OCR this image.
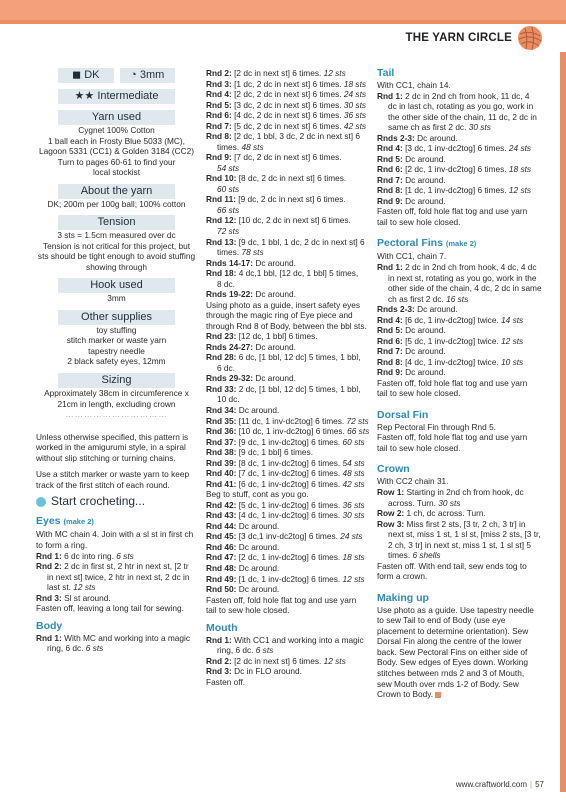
THE YARN CIRCLE
◼ DK	◔ 3mm
★★ Intermediate
Yarn used
Cygnet 100% Cotton
1 ball each in Frosty Blue 5033 (MC),
Lagoon 5331 (CC1) & Golden 3184 (CC2)
Turn to pages 60-61 to find your
local stockist
About the yarn
DK; 200m per 100g ball; 100% cotton
Tension
3 sts = 1.5cm measured over dc
Tension is not critical for this project, but
sts should be tight enough to avoid stuffing
showing through
Hook used
3mm
Other supplies
toy stuffing
stitch marker or waste yarn
tapestry needle
2 black safety eyes, 12mm
Sizing
Approximately 38cm in circumference x
21cm in length, excluding crown
……………………………
Unless otherwise specified, this pattern is
worked in the amigurumi style, in a spiral
without slip stitching or turning chains.
Use a stitch marker or waste yarn to keep
track of the first stitch of each round.
Start crocheting...
Eyes (make 2)
With MC chain 4. Join with a sl st in first ch
to form a ring.
Rnd 1: 6 dc into ring. 6 sts
Rnd 2: 2 dc in first st, 2 htr in next st, [2 tr
in next st] twice, 2 htr in next st, 2 dc in
last st. 12 sts
Rnd 3: Sl st around.
Fasten off, leaving a long tail for sewing.
Body
Rnd 1: With MC and working into a magic
ring, 6 dc. 6 sts
Rnd 2: [2 dc in next st] 6 times. 12 sts
Rnd 3: [1 dc, 2 dc in next st] 6 times. 18 sts
Rnd 4: [2 dc, 2 dc in next st] 6 times. 24 sts
Rnd 5: [3 dc, 2 dc in next st] 6 times. 30 sts
Rnd 6: [4 dc, 2 dc in next st] 6 times. 36 sts
Rnd 7: [5 dc, 2 dc in next st] 6 times. 42 sts
Rnd 8: [2 dc, 1 bbl, 3 dc, 2 dc in next st] 6
times. 48 sts
Rnd 9: [7 dc, 2 dc in next st] 6 times.
54 sts
Rnd 10: [8 dc, 2 dc in next st] 6 times.
60 sts
Rnd 11: [9 dc, 2 dc in next st] 6 times.
66 sts
Rnd 12: [10 dc, 2 dc in next st] 6 times.
72 sts
Rnd 13: [9 dc, 1 bbl, 1 dc, 2 dc in next st] 6
times. 78 sts
Rnds 14-17: Dc around.
Rnd 18: 4 dc,1 bbl, [12 dc, 1 bbl] 5 times,
8 dc.
Rnds 19-22: Dc around.
Using photo as a guide, insert safety eyes
through the magic ring of Eye piece and
through Rnd 8 of Body, between the bbl sts.
Rnd 23: [12 dc, 1 bbl] 6 times.
Rnds 24-27: Dc around.
Rnd 28: 6 dc, [1 bbl, 12 dc] 5 times, 1 bbl,
6 dc.
Rnds 29-32: Dc around.
Rnd 33: 2 dc, [1 bbl, 12 dc] 5 times, 1 bbl,
10 dc.
Rnd 34: Dc around.
Rnd 35: [11 dc, 1 inv-dc2tog] 6 times. 72 sts
Rnd 36: [10 dc, 1 inv-dc2tog] 6 times. 66 sts
Rnd 37: [9 dc, 1 inv-dc2tog] 6 times. 60 sts
Rnd 38: [9 dc, 1 bbl] 6 times.
Rnd 39: [8 dc, 1 inv-dc2tog] 6 times. 54 sts
Rnd 40: [7 dc, 1 inv-dc2tog] 6 times. 48 sts
Rnd 41: [6 dc, 1 inv-dc2tog] 6 times. 42 sts
Beg to stuff, cont as you go.
Rnd 42: [5 dc, 1 inv-dc2tog] 6 times. 36 sts
Rnd 43: [4 dc, 1 inv-dc2tog] 6 times. 30 sts
Rnd 44: Dc around.
Rnd 45: [3 dc,1 inv-dc2tog] 6 times. 24 sts
Rnd 46: Dc around.
Rnd 47: [2 dc, 1 inv-dc2tog] 6 times. 18 sts
Rnd 48: Dc around.
Rnd 49: [1 dc, 1 inv-dc2tog] 6 times. 12 sts
Rnd 50: Dc around.
Fasten off, fold hole flat tog and use yarn
tail to sew hole closed.
Mouth
Rnd 1: With CC1 and working into a magic
ring, 6 dc. 6 sts
Rnd 2: [2 dc in next st] 6 times. 12 sts
Rnd 3: Dc in FLO around.
Fasten off.
Tail
With CC1, chain 14.
Rnd 1: 2 dc in 2nd ch from hook, 11 dc, 4
dc in last ch, rotating as you go, work in
the other side of the chain, 11 dc, 2 dc in
same ch as first 2 dc. 30 sts
Rnds 2-3: Dc around.
Rnd 4: [3 dc, 1 inv-dc2tog] 6 times. 24 sts
Rnd 5: Dc around.
Rnd 6: [2 dc, 1 inv-dc2tog] 6 times. 18 sts
Rnd 7: Dc around.
Rnd 8: [1 dc, 1 inv-dc2tog] 6 times. 12 sts
Rnd 9: Dc around.
Fasten off, fold hole flat tog and use yarn
tail to sew hole closed.
Pectoral Fins (make 2)
With CC1, chain 7.
Rnd 1: 2 dc in 2nd ch from hook, 4 dc, 4 dc
in next st, rotating as you go, work in the
other side of the chain, 4 dc, 2 dc in same
ch as first 2 dc. 16 sts
Rnds 2-3: Dc around.
Rnd 4: [6 dc, 1 inv-dc2tog] twice. 14 sts
Rnd 5: Dc around.
Rnd 6: [5 dc, 1 inv-dc2tog] twice. 12 sts
Rnd 7: Dc around.
Rnd 8: [4 dc, 1 inv-dc2tog] twice. 10 sts
Rnd 9: Dc around.
Fasten off, fold hole flat tog and use yarn
tail to sew hole closed.
Dorsal Fin
Rep Pectoral Fin through Rnd 5.
Fasten off, fold hole flat tog and use yarn
tail to sew hole closed.
Crown
With CC2 chain 31.
Row 1: Starting in 2nd ch from hook, dc
across. Turn. 30 sts
Row 2: 1 ch, dc across. Turn.
Row 3: Miss first 2 sts, [3 tr, 2 ch, 3 tr] in
next st, miss 1 st, 1 sl st, [miss 2 sts, [3 tr,
2 ch, 3 tr] in next st, miss 1 st, 1 sl st] 5
times. 6 shells
Fasten off. With end tail, sew ends tog to
form a crown.
Making up
Use photo as a guide. Use tapestry needle
to sew Tail to end of Body (use eye
placement to determine orientation). Sew
Dorsal Fin along the centre of the lower
back. Sew Pectoral Fins on either side of
Body. Sew edges of Eyes down. Working
stitches between rnds 2 and 3 of Mouth,
sew Mouth over rnds 1-2 of Body. Sew
Crown to Body.
www.craftworld.com | 57
